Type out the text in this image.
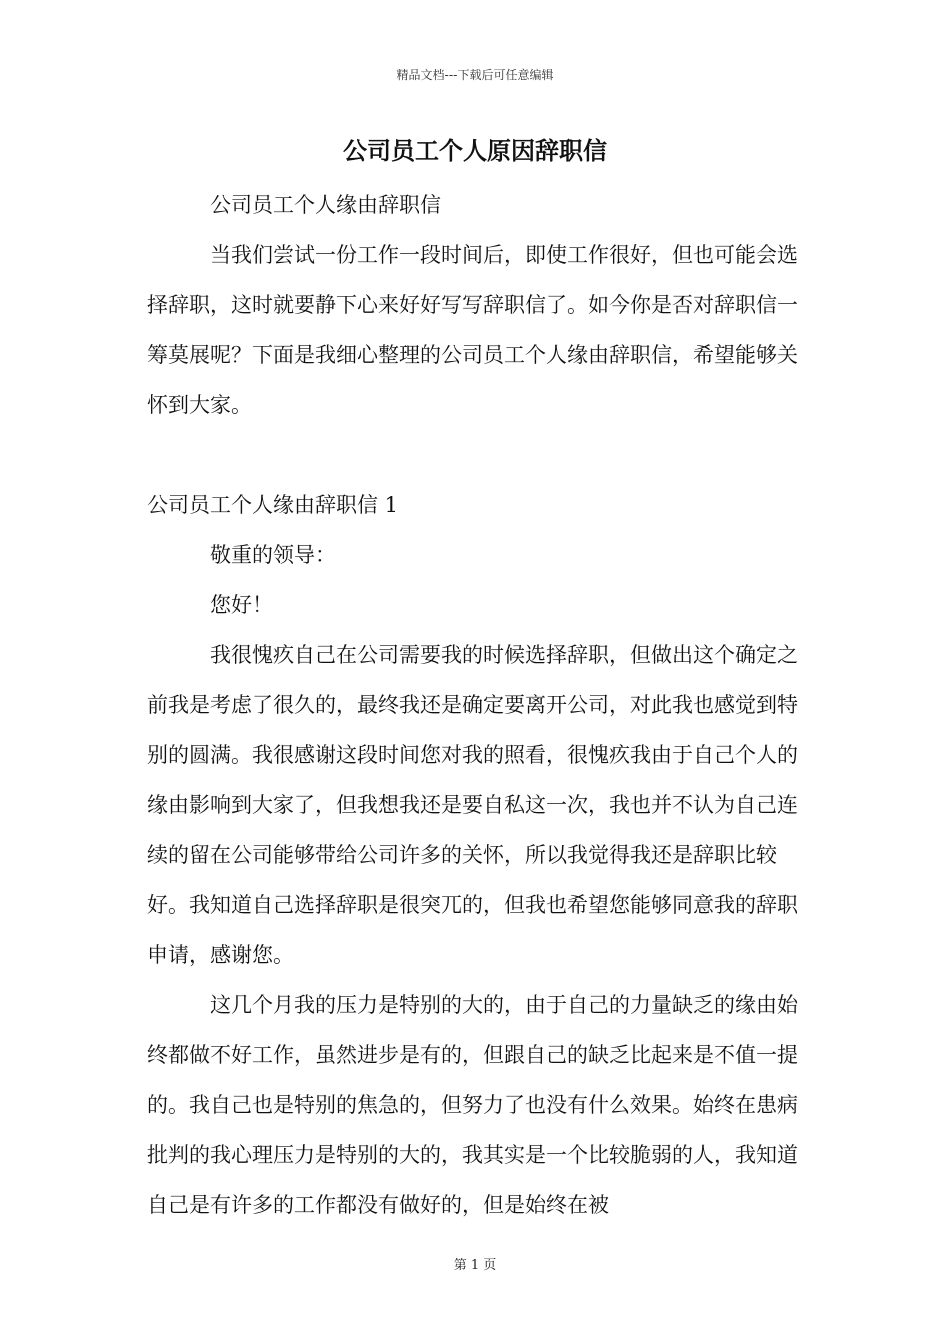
精品文档---下载后可任意编辑
公司员工个人原因辞职信

公司员工个人缘由辞职信

当我们尝试一份工作一段时间后，即使工作很好，但也可能会选择辞职，这时就要静下心来好好写写辞职信了。如今你是否对辞职信一筹莫展呢？下面是我细心整理的公司员工个人缘由辞职信，希望能够关怀到大家。

公司员工个人缘由辞职信 1

敬重的领导：

您好！

我很愧疚自己在公司需要我的时候选择辞职，但做出这个确定之前我是考虑了很久的，最终我还是确定要离开公司，对此我也感觉到特别的圆满。我很感谢这段时间您对我的照看，很愧疚我由于自己个人的缘由影响到大家了，但我想我还是要自私这一次，我也并不认为自己连续的留在公司能够带给公司许多的关怀，所以我觉得我还是辞职比较好。我知道自己选择辞职是很突兀的，但我也希望您能够同意我的辞职申请，感谢您。

这几个月我的压力是特别的大的，由于自己的力量缺乏的缘由始终都做不好工作，虽然进步是有的，但跟自己的缺乏比起来是不值一提的。我自己也是特别的焦急的，但努力了也没有什么效果。始终在患病批判的我心理压力是特别的大的，我其实是一个比较脆弱的人，我知道自己是有许多的工作都没有做好的，但是始终在被

第 1 页
